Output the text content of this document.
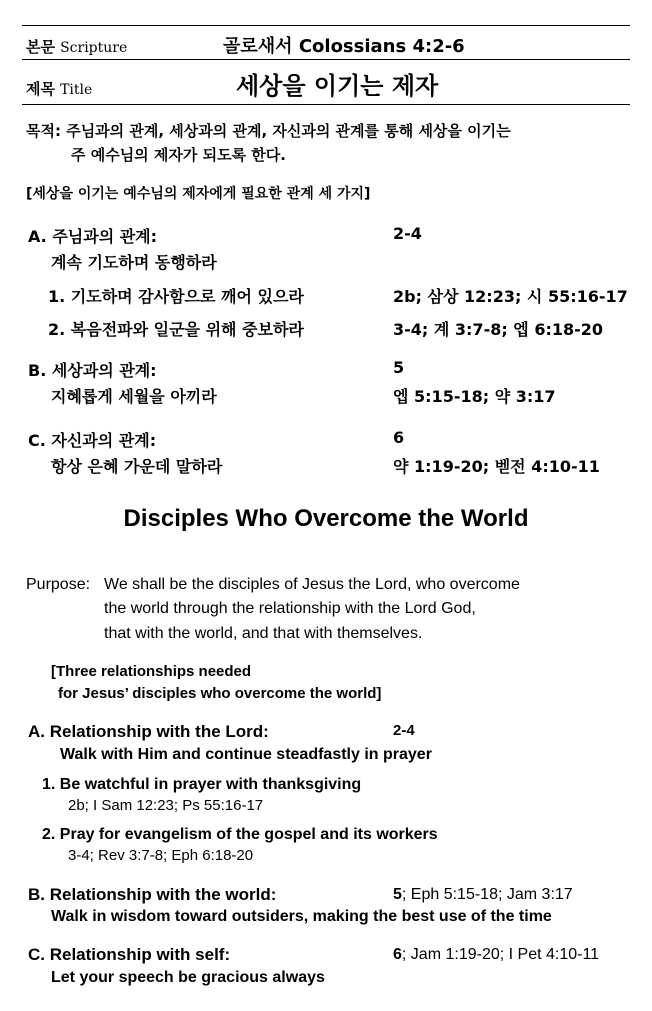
본문 Scripture	골로새서 Colossians 4:2-6
제목 Title	세상을 이기는 제자
목적: 주님과의 관계, 세상과의 관계, 자신과의 관계를 통해 세상을 이기는
주 예수님의 제자가 되도록 한다.
[세상을 이기는 예수님의 제자에게 필요한 관계 세 가지]
A. 주님과의 관계:	2-4
계속 기도하며 동행하라
1. 기도하며 감사함으로 깨어 있으라	2b; 삼상 12:23; 시 55:16-17
2. 복음전파와 일군을 위해 중보하라	3-4; 계 3:7-8; 엡 6:18-20
B. 세상과의 관계:	5
지혜롭게 세월을 아끼라	엡 5:15-18; 약 3:17
C. 자신과의 관계:	6
항상 은혜 가운데 말하라	약 1:19-20; 벧전 4:10-11
Disciples Who Overcome the World
Purpose: We shall be the disciples of Jesus the Lord, who overcome
the world through the relationship with the Lord God,
that with the world, and that with themselves.
[Three relationships needed
for Jesus’ disciples who overcome the world]
A. Relationship with the Lord:	2-4
Walk with Him and continue steadfastly in prayer
1. Be watchful in prayer with thanksgiving
2b; I Sam 12:23; Ps 55:16-17
2. Pray for evangelism of the gospel and its workers
3-4; Rev 3:7-8; Eph 6:18-20
B. Relationship with the world:	5; Eph 5:15-18; Jam 3:17
Walk in wisdom toward outsiders, making the best use of the time
C. Relationship with self:	6; Jam 1:19-20; I Pet 4:10-11
Let your speech be gracious always
